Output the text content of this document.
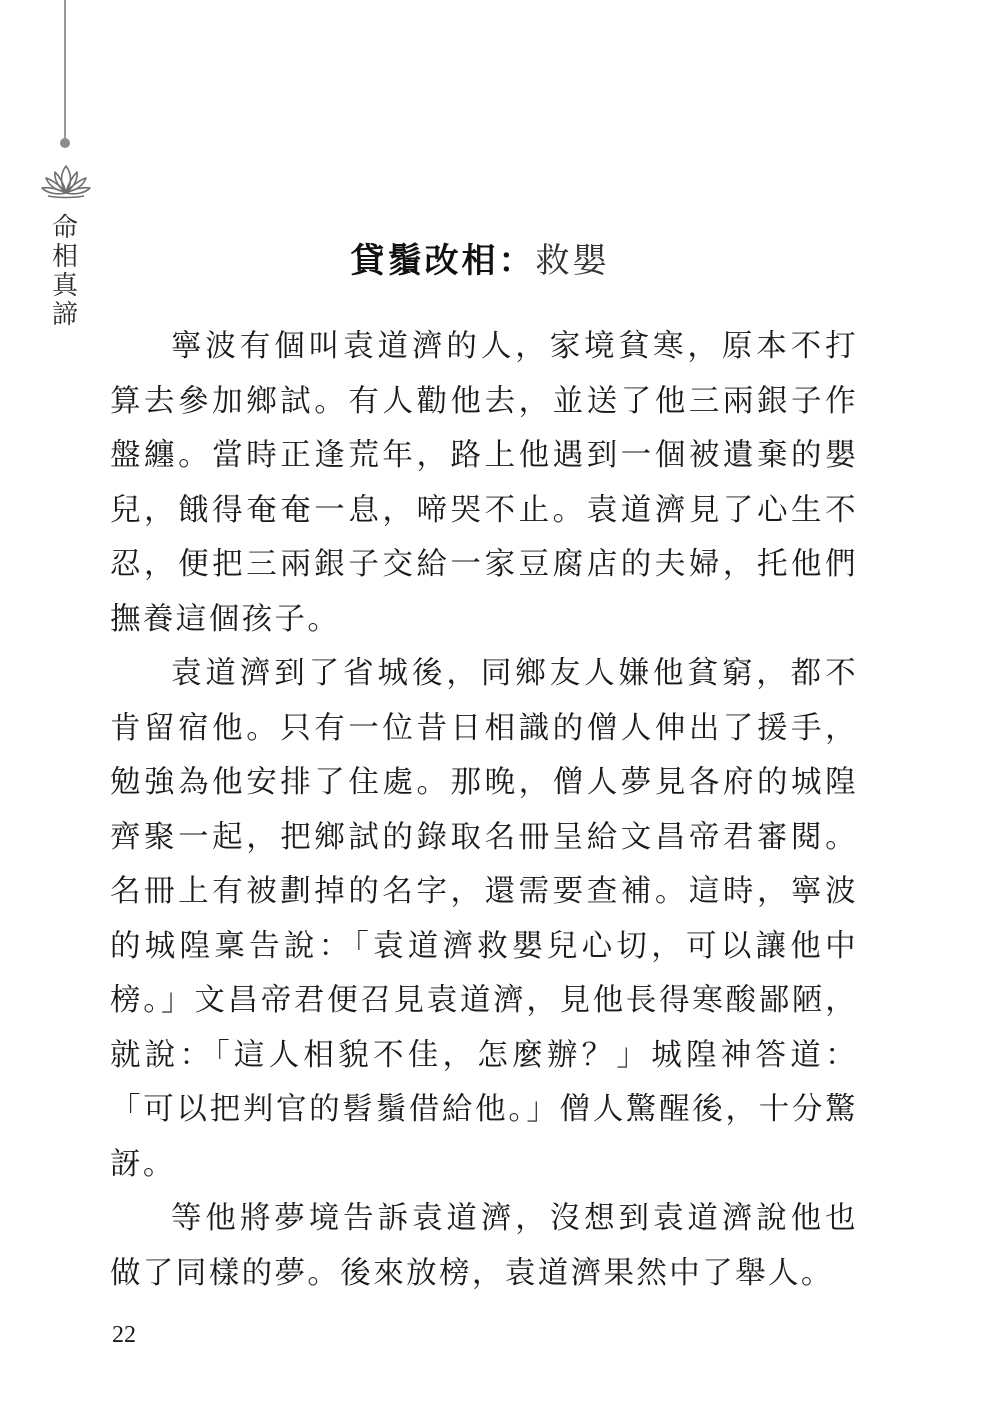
命
相
真
諦
貸鬚改相：救嬰

寧波有個叫袁道濟的人，家境貧寒，原本不打算去參加鄉試。有人勸他去，並送了他三兩銀子作盤纏。當時正逢荒年，路上他遇到一個被遺棄的嬰兒，餓得奄奄一息，啼哭不止。袁道濟見了心生不忍，便把三兩銀子交給一家豆腐店的夫婦，托他們撫養這個孩子。

袁道濟到了省城後，同鄉友人嫌他貧窮，都不肯留宿他。只有一位昔日相識的僧人伸出了援手，勉強為他安排了住處。那晚，僧人夢見各府的城隍齊聚一起，把鄉試的錄取名冊呈給文昌帝君審閱。名冊上有被劃掉的名字，還需要查補。這時，寧波的城隍稟告說：「袁道濟救嬰兒心切，可以讓他中榜。」文昌帝君便召見袁道濟，見他長得寒酸鄙陋，就說：「這人相貌不佳，怎麼辦？」城隍神答道：「可以把判官的髫鬚借給他。」僧人驚醒後，十分驚訝。

等他將夢境告訴袁道濟，沒想到袁道濟說他也做了同樣的夢。後來放榜，袁道濟果然中了舉人。

22
